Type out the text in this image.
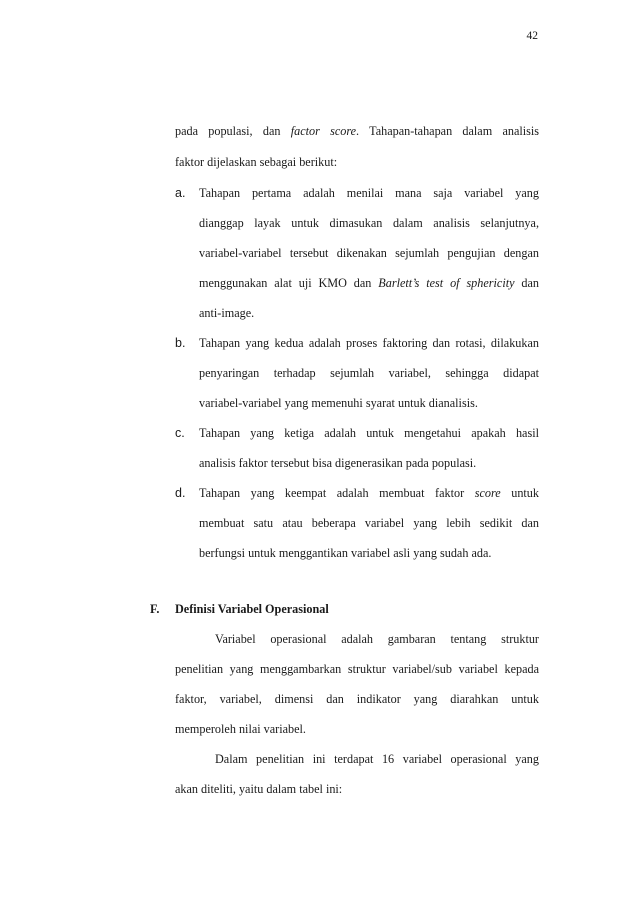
42
pada populasi, dan factor score. Tahapan-tahapan dalam analisis
faktor dijelaskan sebagai berikut:
a. Tahapan pertama adalah menilai mana saja variabel yang
dianggap layak untuk dimasukan dalam analisis selanjutnya,
variabel-variabel tersebut dikenakan sejumlah pengujian dengan
menggunakan alat uji KMO dan Barlett’s test of sphericity dan
anti-image.
b. Tahapan yang kedua adalah proses faktoring dan rotasi, dilakukan
penyaringan terhadap sejumlah variabel, sehingga didapat
variabel-variabel yang memenuhi syarat untuk dianalisis.
c. Tahapan yang ketiga adalah untuk mengetahui apakah hasil
analisis faktor tersebut bisa digenerasikan pada populasi.
d. Tahapan yang keempat adalah membuat faktor score untuk
membuat satu atau beberapa variabel yang lebih sedikit dan
berfungsi untuk menggantikan variabel asli yang sudah ada.
F. Definisi Variabel Operasional
Variabel operasional adalah gambaran tentang struktur
penelitian yang menggambarkan struktur variabel/sub variabel kepada
faktor, variabel, dimensi dan indikator yang diarahkan untuk
memperoleh nilai variabel.
Dalam penelitian ini terdapat 16 variabel operasional yang
akan diteliti, yaitu dalam tabel ini:
